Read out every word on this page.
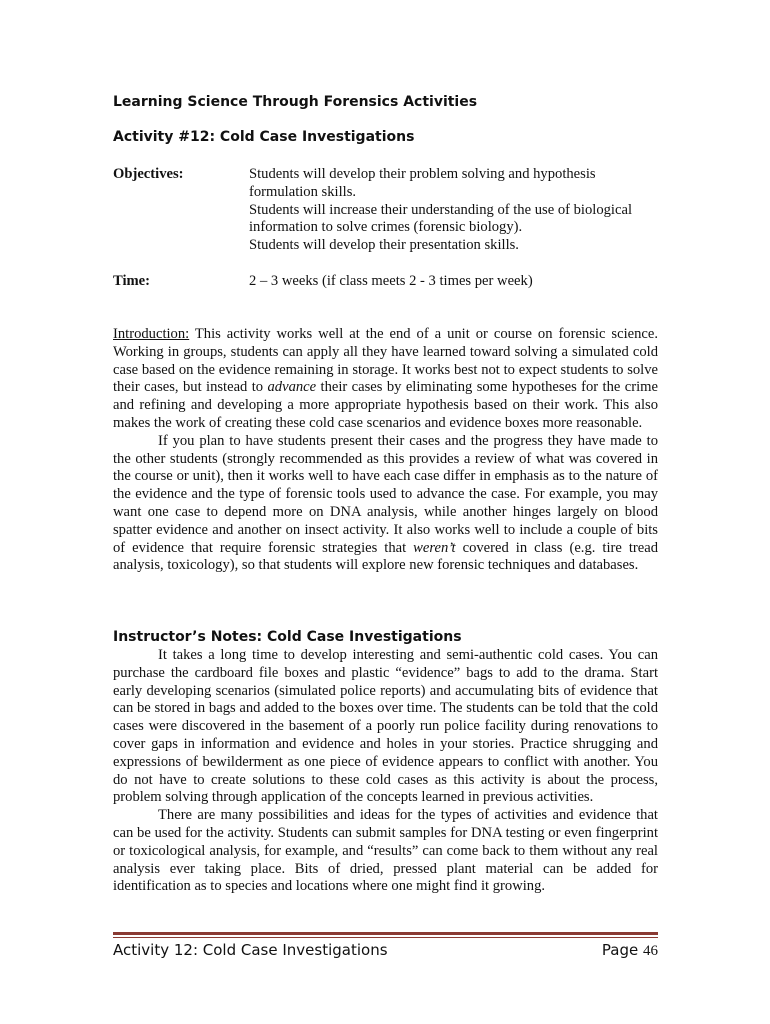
Learning Science Through Forensics Activities
Activity #12: Cold Case Investigations
Objectives:	Students will develop their problem solving and hypothesis
formulation skills.
Students will increase their understanding of the use of biological
information to solve crimes (forensic biology).
Students will develop their presentation skills.
Time:	2 – 3 weeks (if class meets 2 - 3 times per week)

Introduction: This activity works well at the end of a unit or course on forensic science. Working in groups, students can apply all they have learned toward solving a simulated cold case based on the evidence remaining in storage. It works best not to expect students to solve their cases, but instead to advance their cases by eliminating some hypotheses for the crime and refining and developing a more appropriate hypothesis based on their work. This also makes the work of creating these cold case scenarios and evidence boxes more reasonable.

If you plan to have students present their cases and the progress they have made to the other students (strongly recommended as this provides a review of what was covered in the course or unit), then it works well to have each case differ in emphasis as to the nature of the evidence and the type of forensic tools used to advance the case. For example, you may want one case to depend more on DNA analysis, while another hinges largely on blood spatter evidence and another on insect activity. It also works well to include a couple of bits of evidence that require forensic strategies that weren’t covered in class (e.g. tire tread analysis, toxicology), so that students will explore new forensic techniques and databases.

Instructor’s Notes: Cold Case Investigations

It takes a long time to develop interesting and semi-authentic cold cases. You can purchase the cardboard file boxes and plastic “evidence” bags to add to the drama. Start early developing scenarios (simulated police reports) and accumulating bits of evidence that can be stored in bags and added to the boxes over time. The students can be told that the cold cases were discovered in the basement of a poorly run police facility during renovations to cover gaps in information and evidence and holes in your stories. Practice shrugging and expressions of bewilderment as one piece of evidence appears to conflict with another. You do not have to create solutions to these cold cases as this activity is about the process, problem solving through application of the concepts learned in previous activities.

There are many possibilities and ideas for the types of activities and evidence that can be used for the activity. Students can submit samples for DNA testing or even fingerprint or toxicological analysis, for example, and “results” can come back to them without any real analysis ever taking place. Bits of dried, pressed plant material can be added for identification as to species and locations where one might find it growing.

Activity 12: Cold Case Investigations	Page 46
